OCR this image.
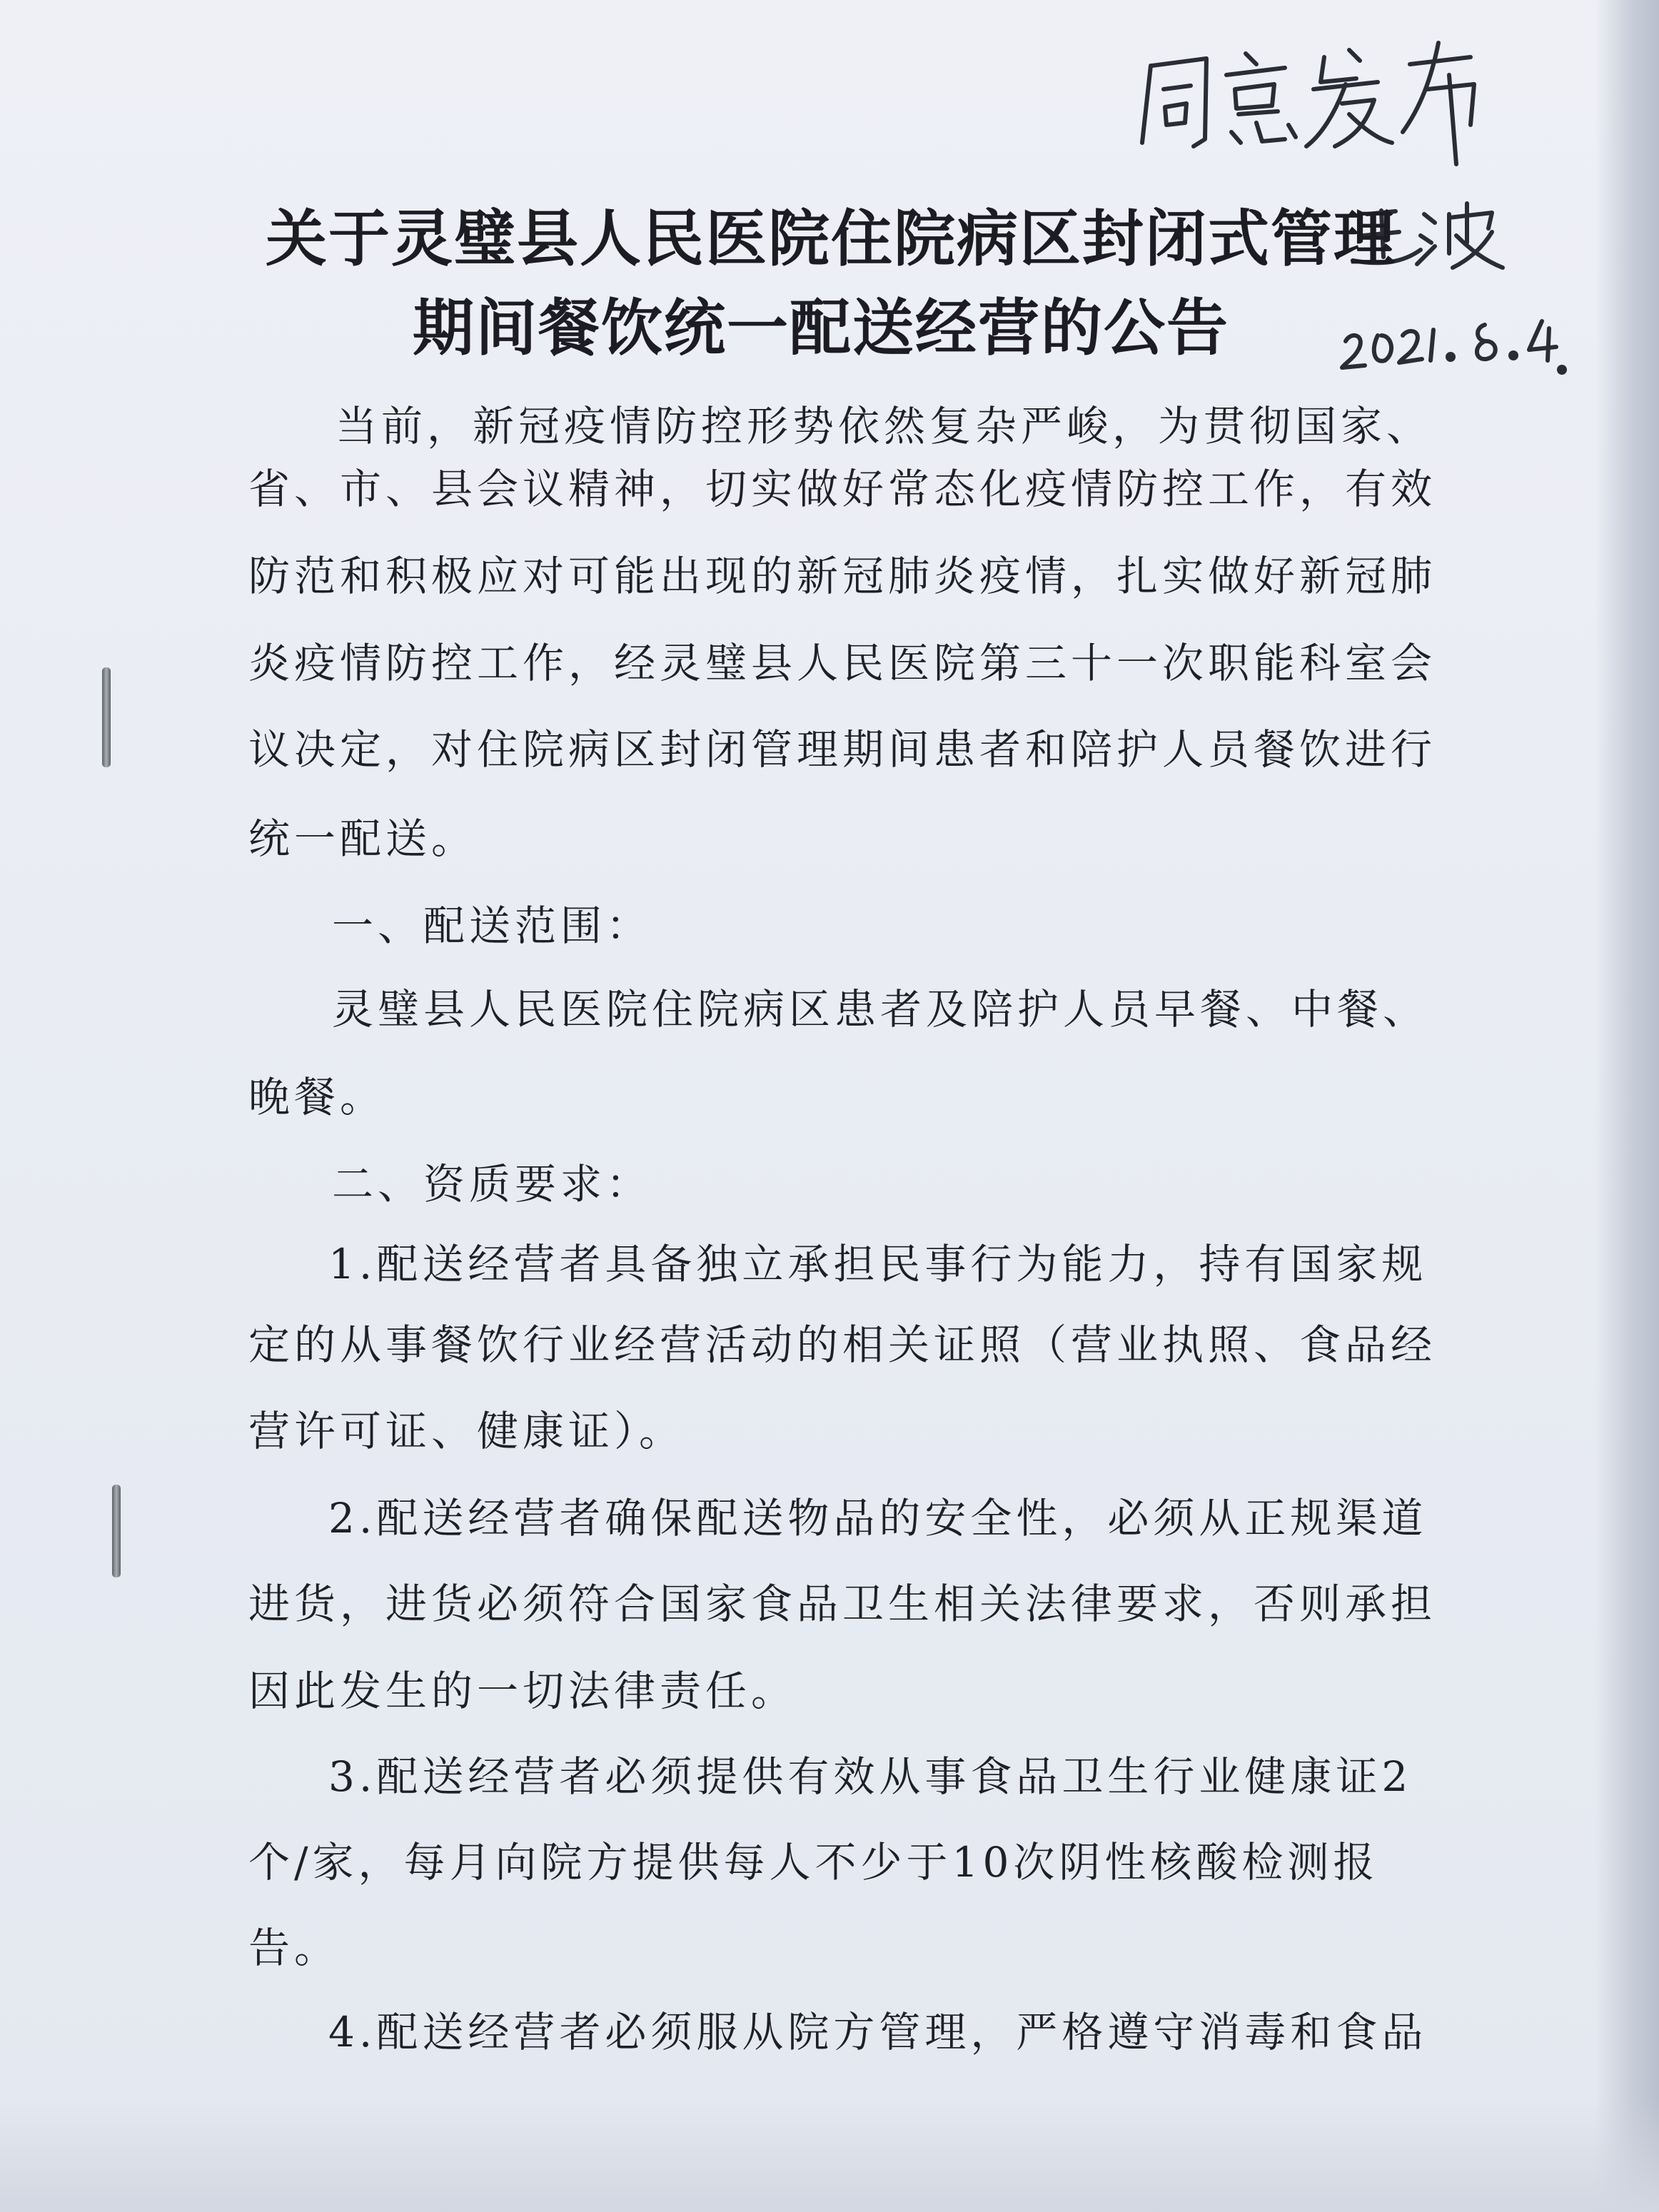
关于灵璧县人民医院住院病区封闭式管理
期间餐饮统一配送经营的公告
当前，新冠疫情防控形势依然复杂严峻，为贯彻国家、
省、市、县会议精神，切实做好常态化疫情防控工作，有效
防范和积极应对可能出现的新冠肺炎疫情，扎实做好新冠肺
炎疫情防控工作，经灵璧县人民医院第三十一次职能科室会
议决定，对住院病区封闭管理期间患者和陪护人员餐饮进行
统一配送。
一、配送范围：
灵璧县人民医院住院病区患者及陪护人员早餐、中餐、
晚餐。
二、资质要求：
1.配送经营者具备独立承担民事行为能力，持有国家规
定的从事餐饮行业经营活动的相关证照（营业执照、食品经
营许可证、健康证）。
2.配送经营者确保配送物品的安全性，必须从正规渠道
进货，进货必须符合国家食品卫生相关法律要求，否则承担
因此发生的一切法律责任。
3.配送经营者必须提供有效从事食品卫生行业健康证2
个/家，每月向院方提供每人不少于10次阴性核酸检测报
告。
4.配送经营者必须服从院方管理，严格遵守消毒和食品
